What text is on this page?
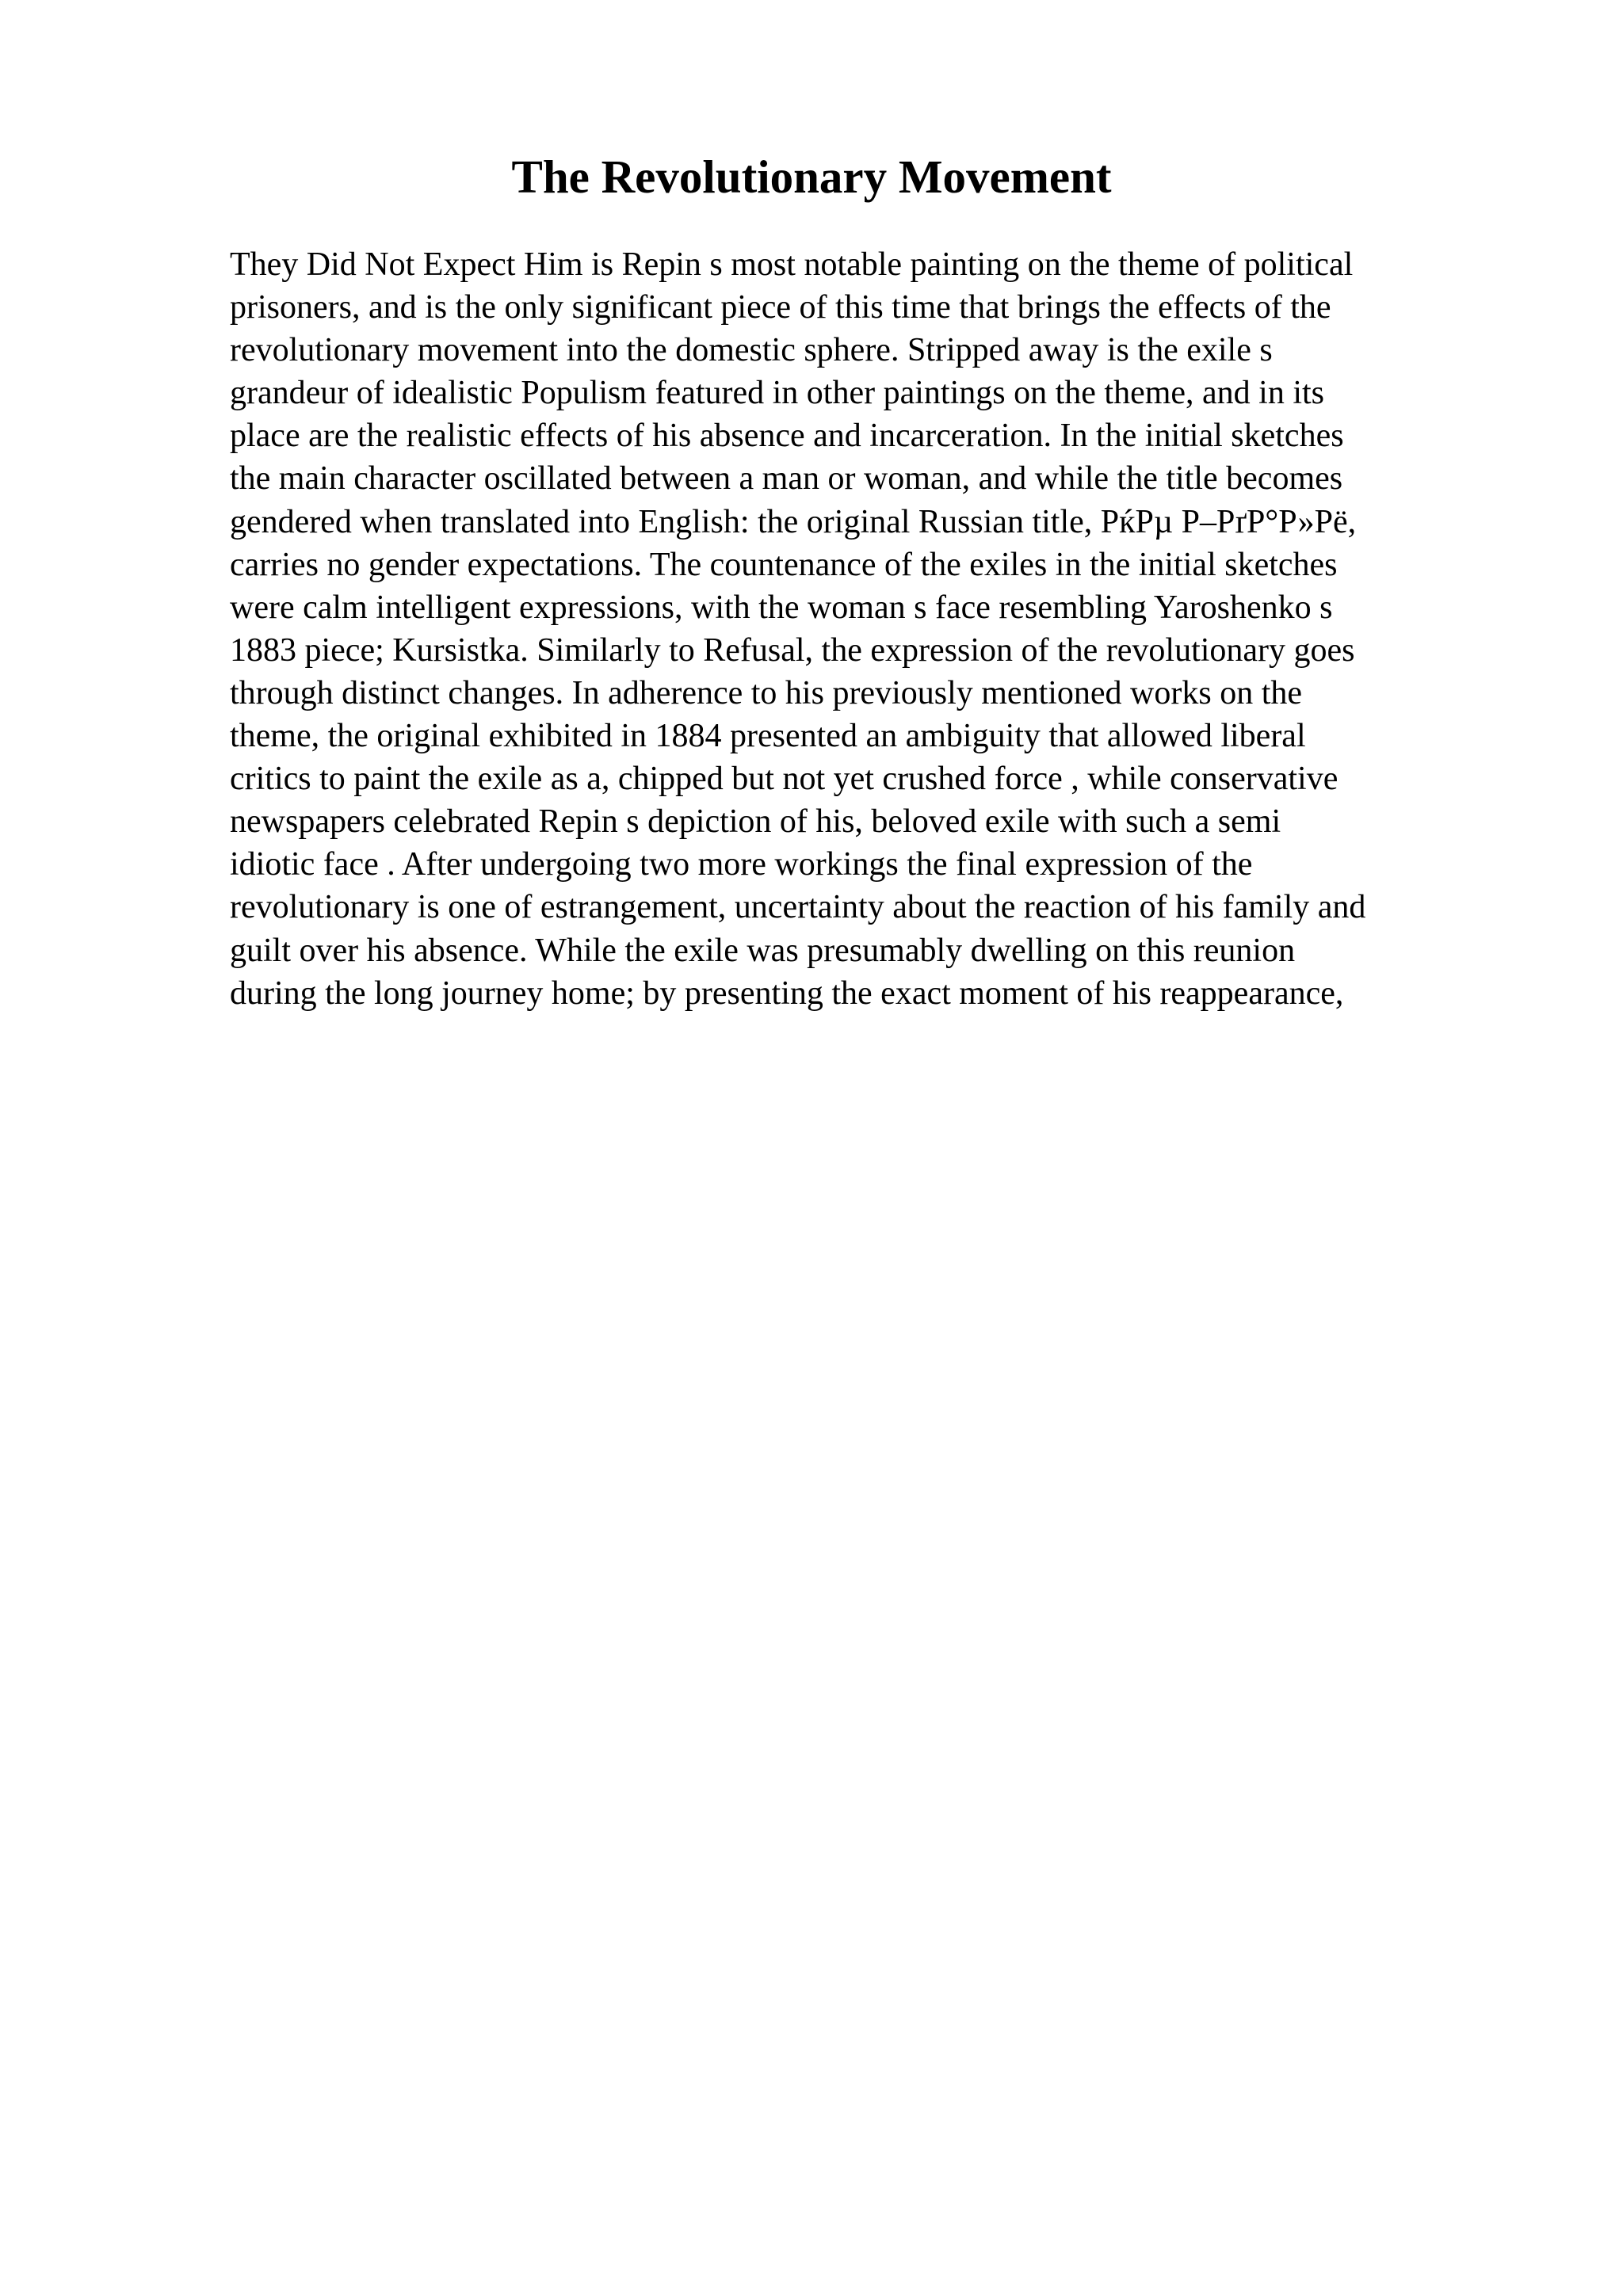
The Revolutionary Movement
They Did Not Expect Him is Repin s most notable painting on the theme of political
prisoners, and is the only significant piece of this time that brings the effects of the
revolutionary movement into the domestic sphere. Stripped away is the exile s
grandeur of idealistic Populism featured in other paintings on the theme, and in its
place are the realistic effects of his absence and incarceration. In the initial sketches
the main character oscillated between a man or woman, and while the title becomes
gendered when translated into English: the original Russian title, РќРµ Р–РґР°Р»Рё,
carries no gender expectations. The countenance of the exiles in the initial sketches
were calm intelligent expressions, with the woman s face resembling Yaroshenko s
1883 piece; Kursistka. Similarly to Refusal, the expression of the revolutionary goes
through distinct changes. In adherence to his previously mentioned works on the
theme, the original exhibited in 1884 presented an ambiguity that allowed liberal
critics to paint the exile as a, chipped but not yet crushed force , while conservative
newspapers celebrated Repin s depiction of his, beloved exile with such a semi
idiotic face . After undergoing two more workings the final expression of the
revolutionary is one of estrangement, uncertainty about the reaction of his family and
guilt over his absence. While the exile was presumably dwelling on this reunion
during the long journey home; by presenting the exact moment of his reappearance,
